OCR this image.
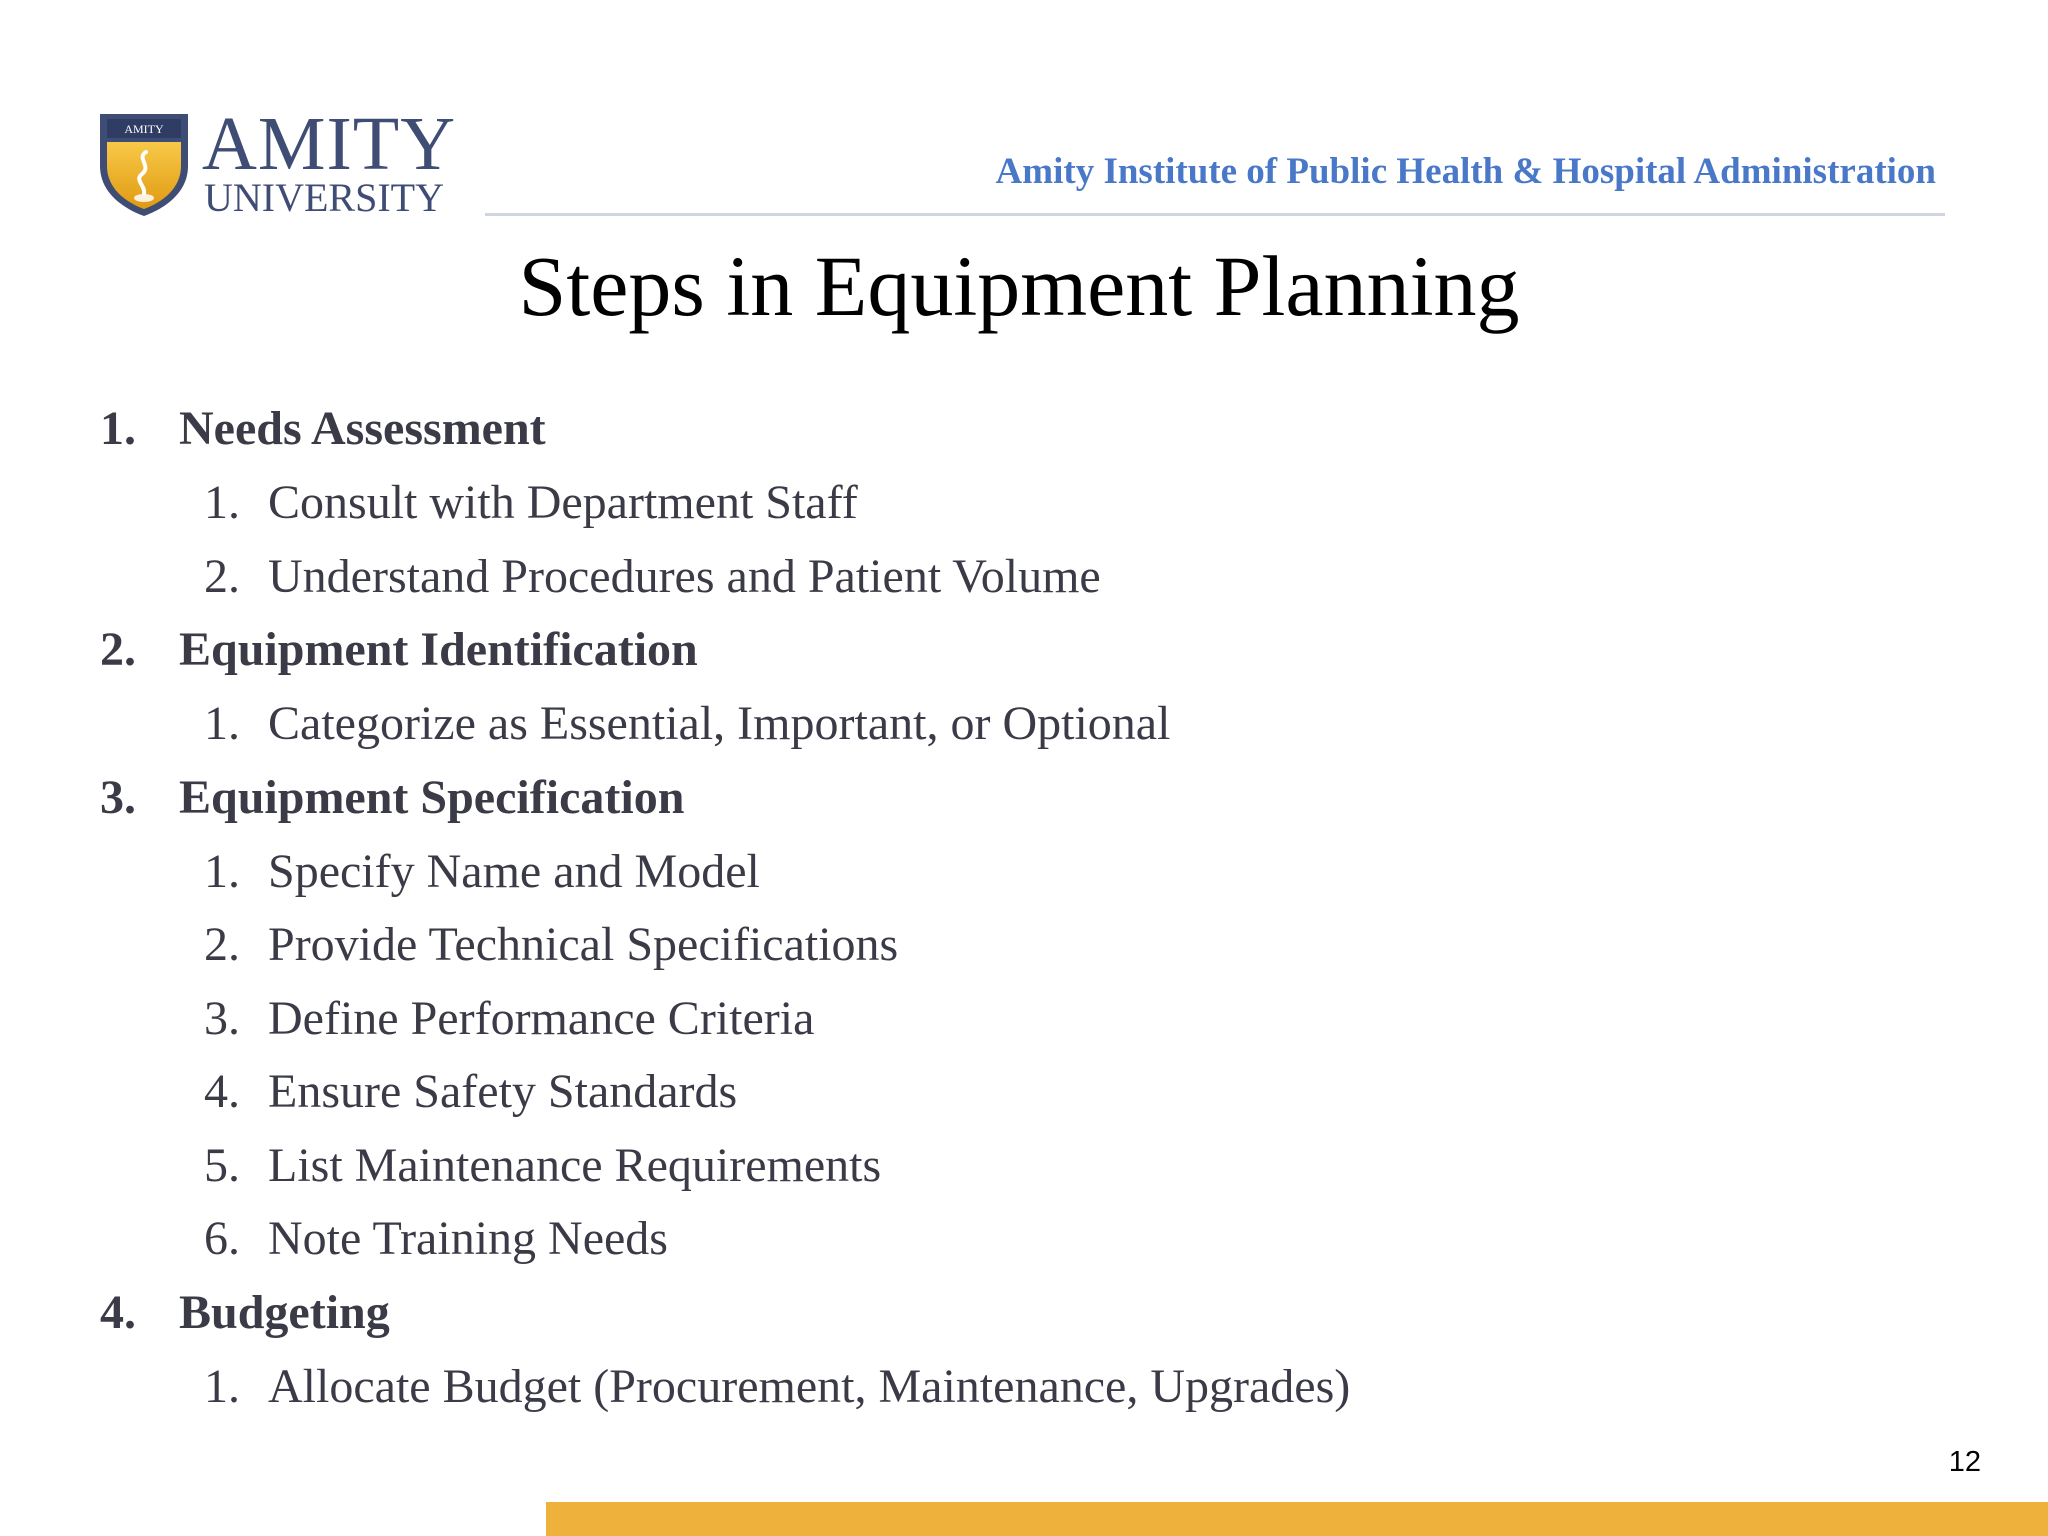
AMITY AMITY
UNIVERSITY
Amity Institute of Public Health & Hospital Administration
Steps in Equipment Planning
1. Needs Assessment
1. Consult with Department Staff
2. Understand Procedures and Patient Volume
2. Equipment Identification
1. Categorize as Essential, Important, or Optional
3. Equipment Specification
1. Specify Name and Model
2. Provide Technical Specifications
3. Define Performance Criteria
4. Ensure Safety Standards
5. List Maintenance Requirements
6. Note Training Needs
4. Budgeting
1. Allocate Budget (Procurement, Maintenance, Upgrades)
12
